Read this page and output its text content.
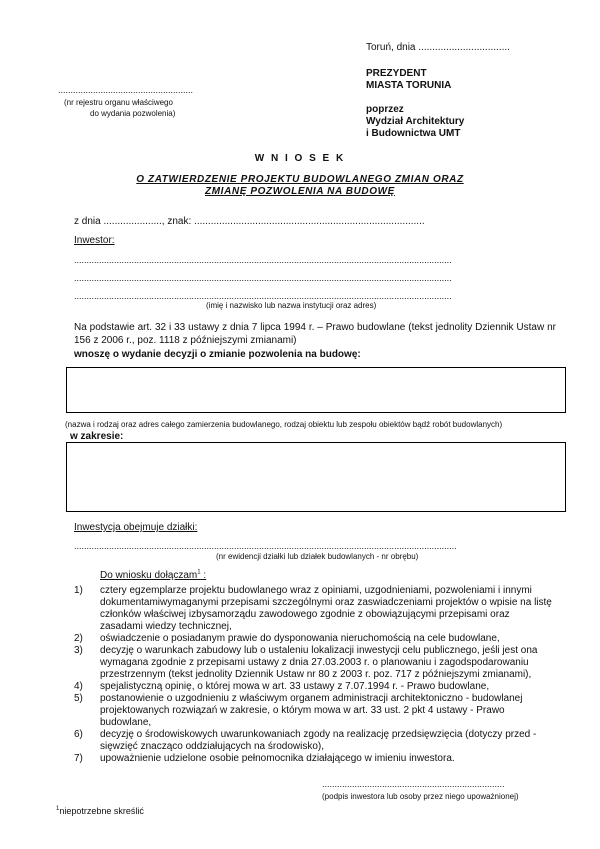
Toruń, dnia .................................
......................................................
(nr rejestru organu właściwego
do wydania pozwolenia)
PREZYDENT
MIASTA TORUNIA
poprzez
Wydział Architektury
i Budownictwa UMT
W N I O S E K
O ZATWIERDZENIE PROJEKTU BUDOWLANEGO ZMIAN ORAZ
ZMIANĘ POZWOLENIA NA BUDOWĘ
z dnia ....................., znak: ...................................................................................
Inwestor:
.......................................................................................................................................................
.......................................................................................................................................................
.......................................................................................................................................................
(imię i nazwisko lub nazwa instytucji oraz adres)
Na podstawie art. 32 i 33 ustawy z dnia 7 lipca 1994 r. – Prawo budowlane (tekst jednolity Dziennik Ustaw nr 156 z 2006 r., poz. 1118 z późniejszymi zmianami)
wnoszę o wydanie decyzji o zmianie pozwolenia na budowę:
(nazwa i rodzaj oraz adres całego zamierzenia budowlanego, rodzaj obiektu lub zespołu obiektów bądź robót budowlanych)
w zakresie:
Inwestycja obejmuje działki:
.........................................................................................................................................................
(nr ewidencji działki lub działek budowlanych - nr obrębu)
Do wniosku dołączam$^1$ :
1) cztery egzemplarze projektu budowlanego wraz z opiniami, uzgodnieniami, pozwoleniami i innymi dokumentamiwymaganymi przepisami szczególnymi oraz zaswiadczeniami projektów o wpisie na listę członków właściwej izbysamorządu zawodowego zgodnie z obowiązującymi przepisami oraz zasadami wiedzy technicznej,
2) oświadczenie o posiadanym prawie do dysponowania nieruchomością na cele budowlane,
3) decyzję o warunkach zabudowy lub o ustaleniu lokalizacji inwestycji celu publicznego, jeśli jest ona wymagana zgodnie z przepisami ustawy z dnia 27.03.2003 r. o planowaniu i zagodspodarowaniu przestrzennym (tekst jednolity Dziennik Ustaw nr 80 z 2003 r. poz. 717 z późniejszymi zmianami),
4) spejalistyczną opinię, o której mowa w art. 33 ustawy z 7.07.1994 r. - Prawo budowlane,
5) postanowienie o uzgodnieniu z właściwym organem administracji architektoniczno - budowlanej projektowanych rozwiązań w zakresie, o którym mowa w art. 33 ust. 2 pkt 4 ustawy - Prawo budowlane,
6) decyzję o środowiskowych uwarunkowaniach zgody na realizację przedsięwzięcia (dotyczy przed - sięwzięć znacząco oddziałujących na środowisko),
7) upoważnienie udzielone osobie pełnomocnika działającego w imieniu inwestora.
.........................................................................
(podpis inwestora lub osoby przez niego upoważnionej)
$^1$niepotrzebne skreślić
